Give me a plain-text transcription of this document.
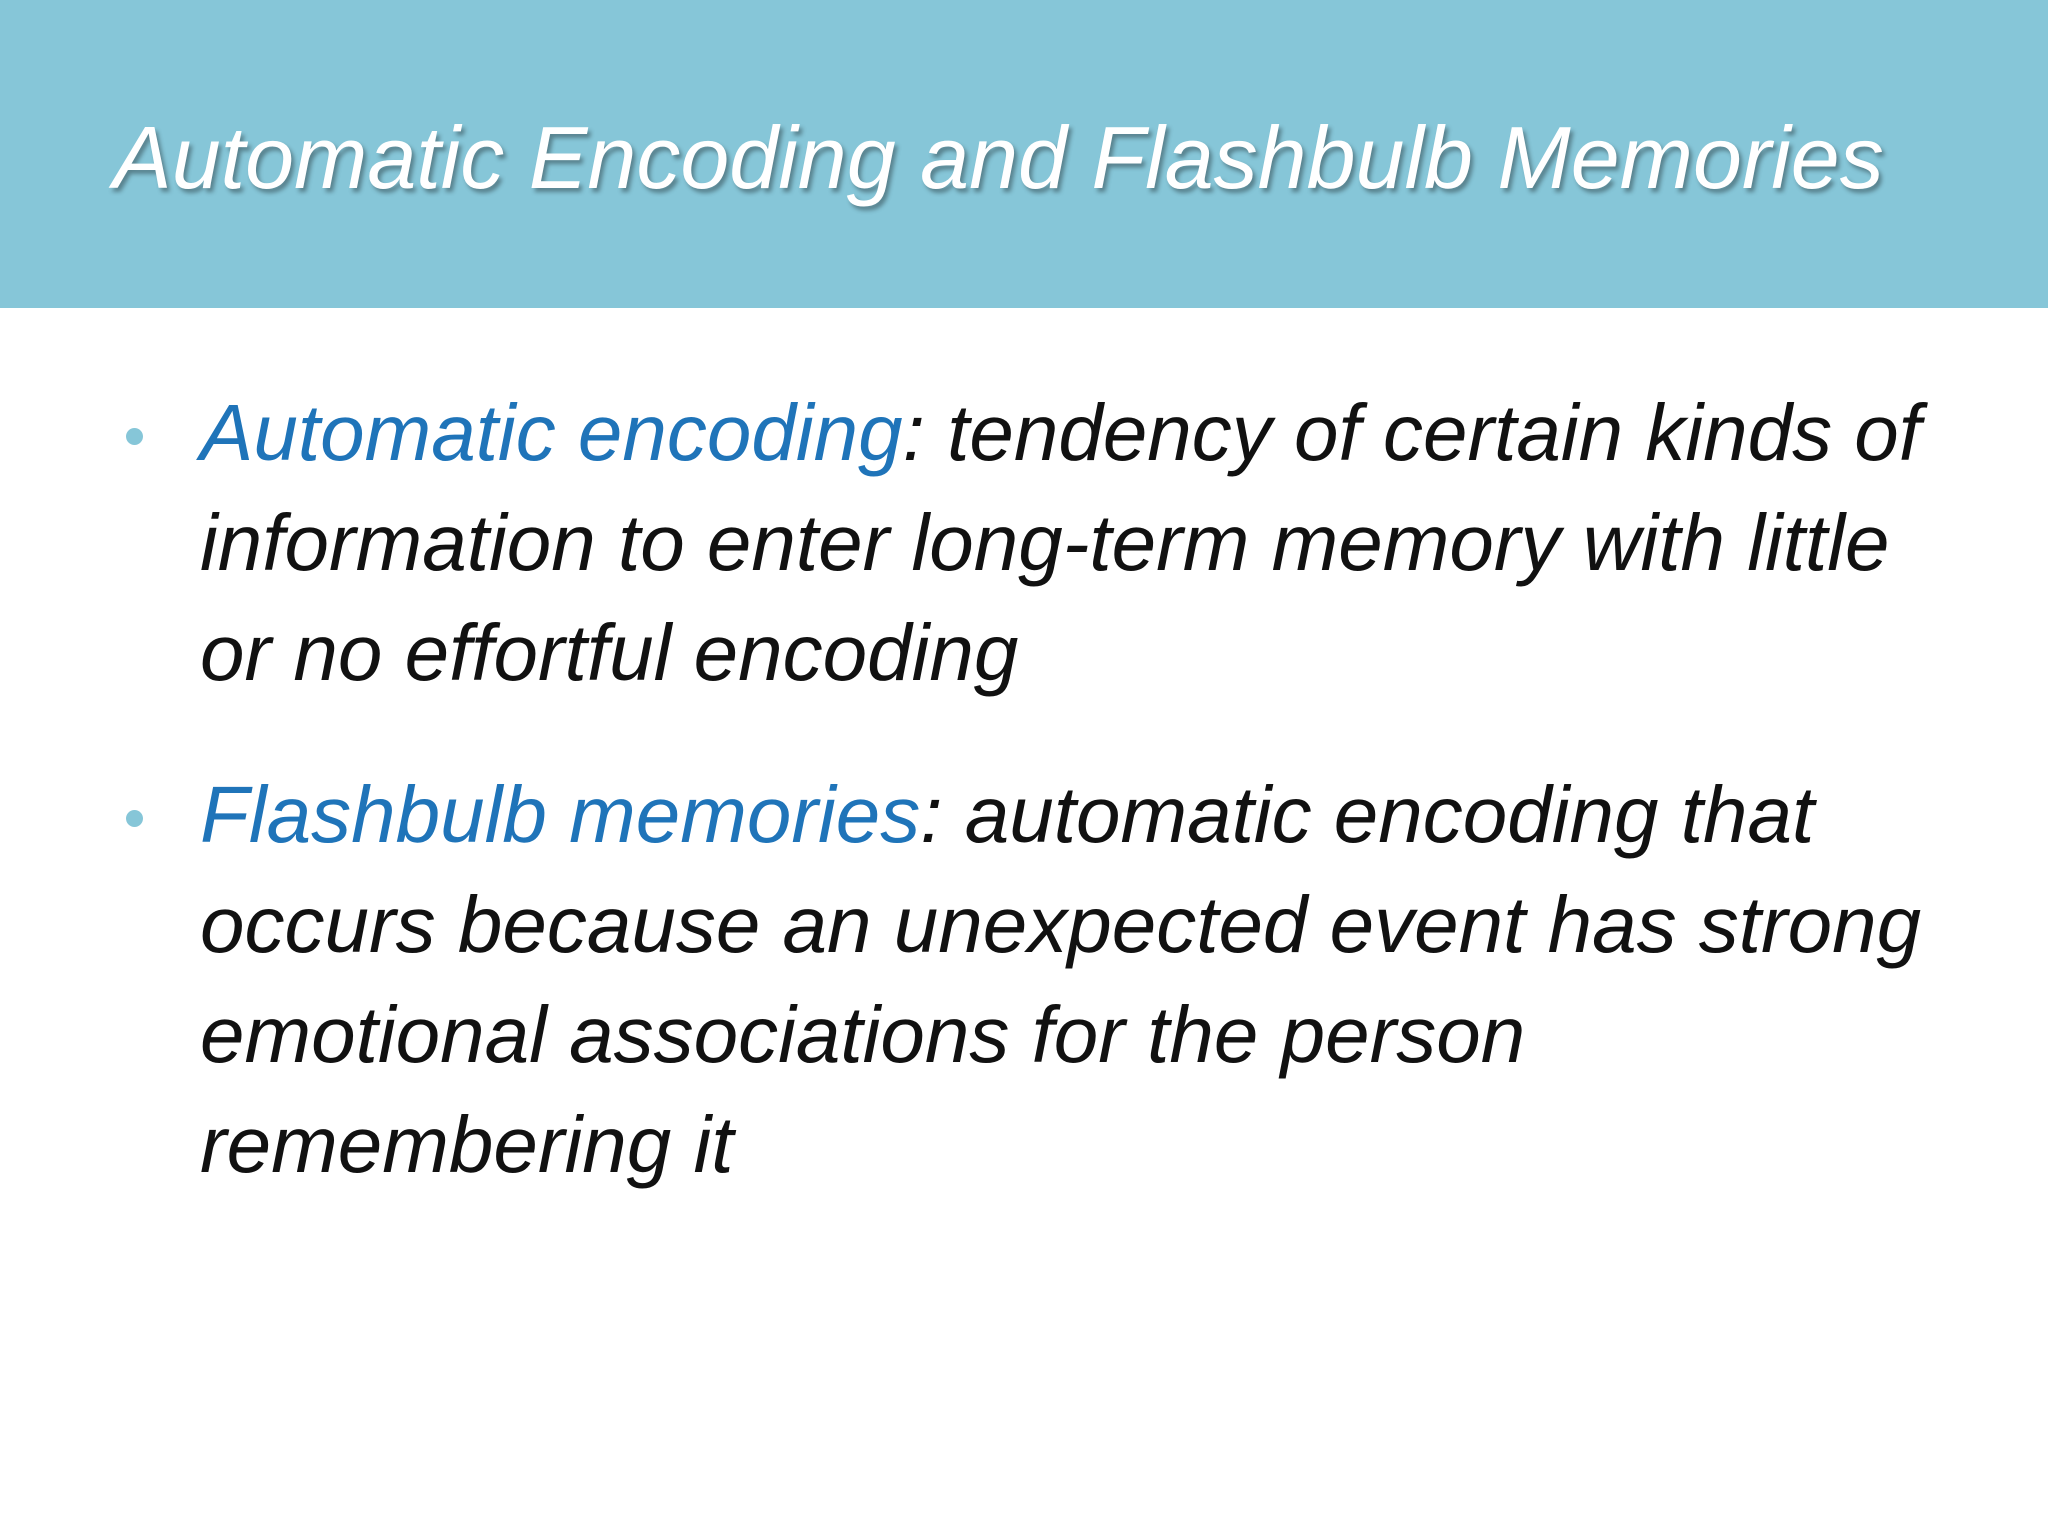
Automatic Encoding and Flashbulb Memories
Automatic encoding: tendency of certain kinds of information to enter long-term memory with little or no effortful encoding
Flashbulb memories: automatic encoding that occurs because an unexpected event has strong emotional associations for the person remembering it
